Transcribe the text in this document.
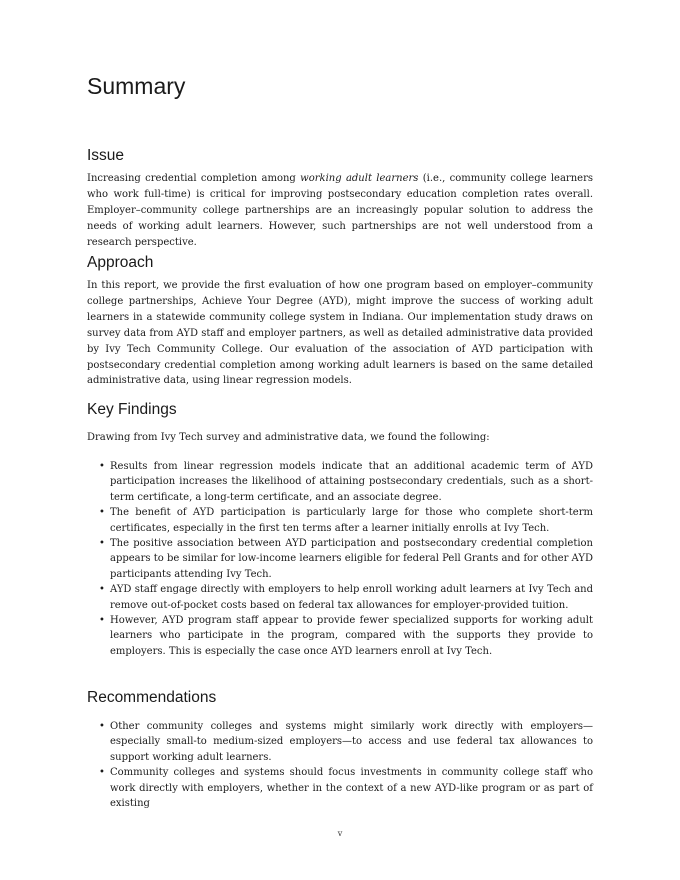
Summary
Issue

Increasing credential completion among working adult learners (i.e., community college learners who work full-time) is critical for improving postsecondary education completion rates overall. Employer–community college partnerships are an increasingly popular solution to address the needs of working adult learners. However, such partnerships are not well understood from a research perspective.

Approach

In this report, we provide the first evaluation of how one program based on employer–community college partnerships, Achieve Your Degree (AYD), might improve the success of working adult learners in a statewide community college system in Indiana. Our implementation study draws on survey data from AYD staff and employer partners, as well as detailed administrative data provided by Ivy Tech Community College. Our evaluation of the association of AYD participation with postsecondary credential completion among working adult learners is based on the same detailed administrative data, using linear regression models.

Key Findings

Drawing from Ivy Tech survey and administrative data, we found the following:

• Results from linear regression models indicate that an additional academic term of AYD participation increases the likelihood of attaining postsecondary credentials, such as a short-term certificate, a long-term certificate, and an associate degree.
• The benefit of AYD participation is particularly large for those who complete short-term certificates, especially in the first ten terms after a learner initially enrolls at Ivy Tech.
• The positive association between AYD participation and postsecondary credential completion appears to be similar for low-income learners eligible for federal Pell Grants and for other AYD participants attending Ivy Tech.
• AYD staff engage directly with employers to help enroll working adult learners at Ivy Tech and remove out-of-pocket costs based on federal tax allowances for employer-provided tuition.
• However, AYD program staff appear to provide fewer specialized supports for working adult learners who participate in the program, compared with the supports they provide to employers. This is especially the case once AYD learners enroll at Ivy Tech.
Recommendations
• Other community colleges and systems might similarly work directly with employers—especially small-to medium-sized employers—to access and use federal tax allowances to support working adult learners.
• Community colleges and systems should focus investments in community college staff who work directly with employers, whether in the context of a new AYD-like program or as part of existing
v
